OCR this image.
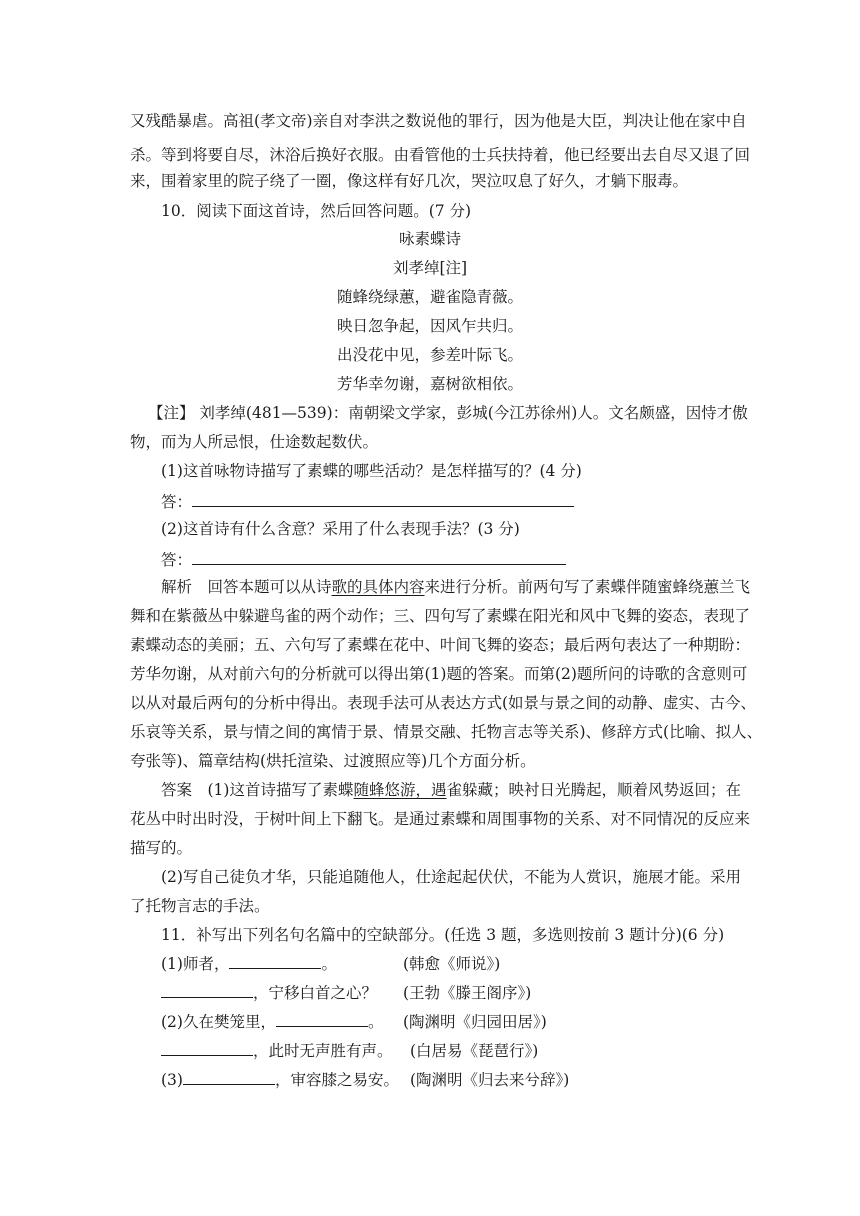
又残酷暴虐。高祖(孝文帝)亲自对李洪之数说他的罪行，因为他是大臣，判决让他在家中自
杀。等到将要自尽，沐浴后换好衣服。由看管他的士兵扶持着，他已经要出去自尽又退了回
来，围着家里的院子绕了一圈，像这样有好几次，哭泣叹息了好久，才躺下服毒。
10．阅读下面这首诗，然后回答问题。(7 分)
咏素蝶诗
刘孝绰[注]
随蜂绕绿蕙，避雀隐青薇。
映日忽争起，因风乍共归。
出没花中见，参差叶际飞。
芳华幸勿谢，嘉树欲相依。
【注】 刘孝绰(481—539)：南朝梁文学家，彭城(今江苏徐州)人。文名颇盛，因恃才傲
物，而为人所忌恨，仕途数起数伏。
(1)这首咏物诗描写了素蝶的哪些活动？是怎样描写的？(4 分)
答：
(2)这首诗有什么含意？采用了什么表现手法？(3 分)
答：
解析　回答本题可以从诗歌的具体内容来进行分析。前两句写了素蝶伴随蜜蜂绕蕙兰飞
舞和在紫薇丛中躲避鸟雀的两个动作；三、四句写了素蝶在阳光和风中飞舞的姿态，表现了
素蝶动态的美丽；五、六句写了素蝶在花中、叶间飞舞的姿态；最后两句表达了一种期盼：
芳华勿谢，从对前六句的分析就可以得出第(1)题的答案。而第(2)题所问的诗歌的含意则可
以从对最后两句的分析中得出。表现手法可从表达方式(如景与景之间的动静、虚实、古今、
乐哀等关系，景与情之间的寓情于景、情景交融、托物言志等关系)、修辞方式(比喻、拟人、
夸张等)、篇章结构(烘托渲染、过渡照应等)几个方面分析。
答案　(1)这首诗描写了素蝶随蜂悠游，遇雀躲藏；映衬日光腾起，顺着风势返回；在
花丛中时出时没，于树叶间上下翻飞。是通过素蝶和周围事物的关系、对不同情况的反应来
描写的。
(2)写自己徒负才华，只能追随他人，仕途起起伏伏，不能为人赏识，施展才能。采用
了托物言志的手法。
11．补写出下列名句名篇中的空缺部分。(任选 3 题，多选则按前 3 题计分)(6 分)
(1)师者，	。	(韩愈《师说》)
，宁移白首之心？	(王勃《滕王阁序》)
(2)久在樊笼里，	。	(陶渊明《归园田居》)
，此时无声胜有声。	(白居易《琵琶行》)
(3)	，审容膝之易安。 (陶渊明《归去来兮辞》)
